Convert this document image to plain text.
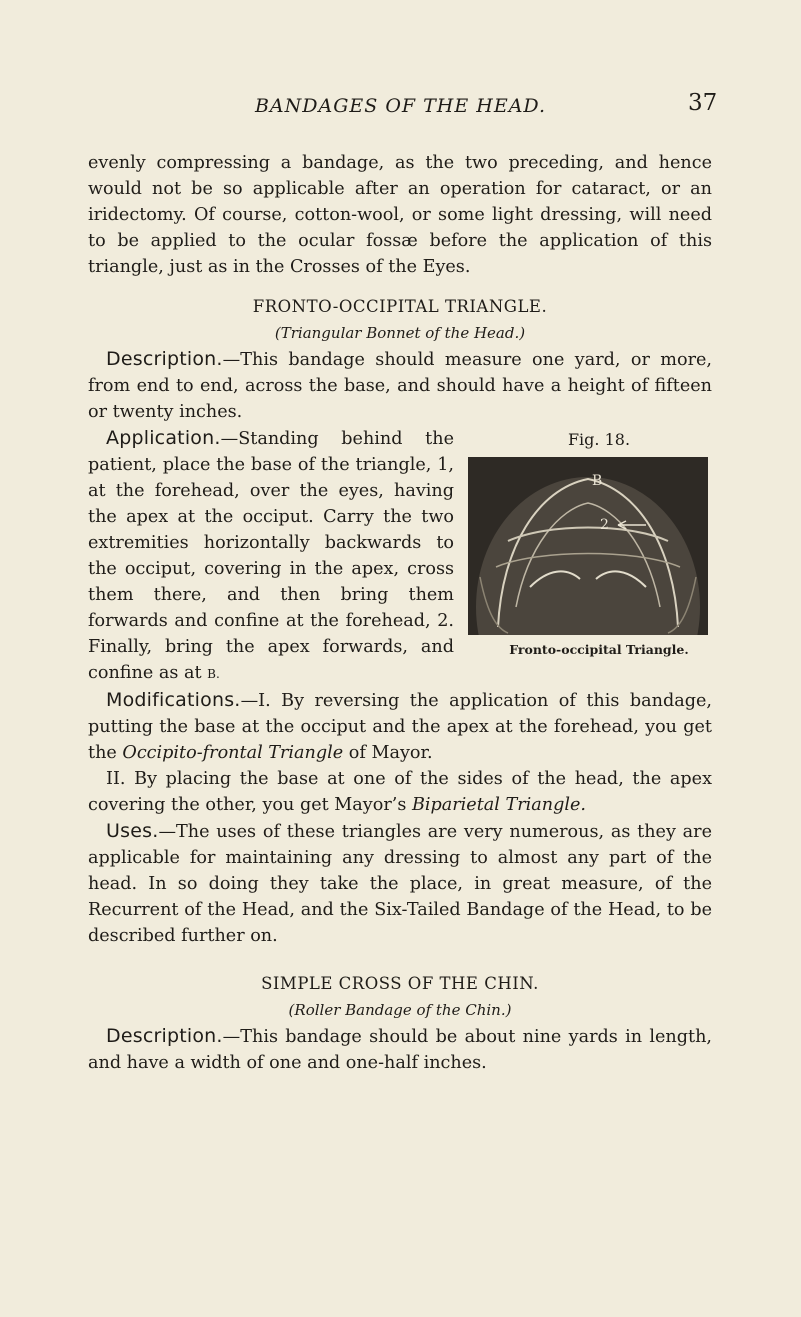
BANDAGES OF THE HEAD.	37

evenly compressing a bandage, as the two preceding, and hence would not be so applicable after an operation for cataract, or an iridectomy. Of course, cotton-wool, or some light dressing, will need to be applied to the ocular fossæ before the application of this triangle, just as in the Crosses of the Eyes.

FRONTO-OCCIPITAL TRIANGLE.

(Triangular Bonnet of the Head.)

Description.—This bandage should measure one yard, or more, from end to end, across the base, and should have a height of fifteen or twenty inches.

Fig. 18.
B
2
Fronto-occipital Triangle.
Application.—Standing behind the patient, place the base of the triangle, 1, at the forehead, over the eyes, having the apex at the occiput. Carry the two extremities horizontally backwards to the occiput, covering in the apex, cross them there, and then bring them forwards and confine at the forehead, 2. Finally, bring the apex forwards, and confine as at B.

Modifications.—I. By reversing the application of this bandage, putting the base at the occiput and the apex at the forehead, you get the Occipito-frontal Triangle of Mayor.

II. By placing the base at one of the sides of the head, the apex covering the other, you get Mayor’s Biparietal Triangle.

Uses.—The uses of these triangles are very numerous, as they are applicable for maintaining any dressing to almost any part of the head. In so doing they take the place, in great measure, of the Recurrent of the Head, and the Six-Tailed Bandage of the Head, to be described further on.

SIMPLE CROSS OF THE CHIN.

(Roller Bandage of the Chin.)

Description.—This bandage should be about nine yards in length, and have a width of one and one-half inches.
